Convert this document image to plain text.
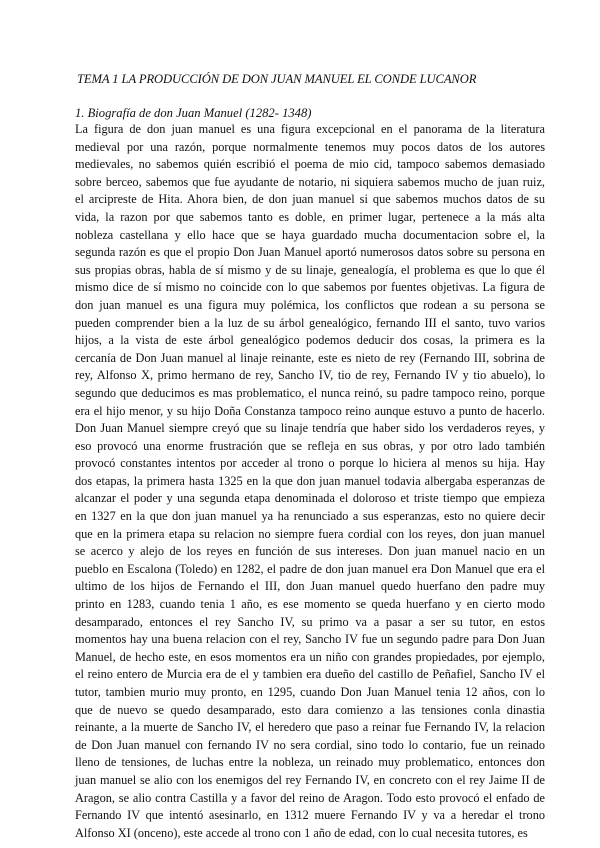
TEMA 1 LA PRODUCCIÓN DE DON JUAN MANUEL EL CONDE LUCANOR
1. Biografía de don Juan Manuel (1282- 1348)
La figura de don juan manuel es una figura excepcional en el panorama de la literatura
medieval por una razón, porque normalmente tenemos muy pocos datos de los autores
medievales, no sabemos quién escribió el poema de mio cid, tampoco sabemos demasiado
sobre berceo, sabemos que fue ayudante de notario, ni siquiera sabemos mucho de juan ruiz,
el arcipreste de Hita. Ahora bien, de don juan manuel si que sabemos muchos datos de su
vida, la razon por que sabemos tanto es doble, en primer lugar, pertenece a la más alta
nobleza castellana y ello hace que se haya guardado mucha documentacion sobre el, la
segunda razón es que el propio Don Juan Manuel aportó numerosos datos sobre su persona en
sus propias obras, habla de sí mismo y de su linaje, genealogía, el problema es que lo que él
mismo dice de sí mismo no coincide con lo que sabemos por fuentes objetivas. La figura de
don juan manuel es una figura muy polémica, los conflictos que rodean a su persona se
pueden comprender bien a la luz de su árbol genealógico, fernando III el santo, tuvo varios
hijos, a la vista de este árbol genealógico podemos deducir dos cosas, la primera es la
cercanía de Don Juan manuel al linaje reinante, este es nieto de rey (Fernando III, sobrina de
rey, Alfonso X, primo hermano de rey, Sancho IV, tio de rey, Fernando IV y tio abuelo), lo
segundo que deducimos es mas problematico, el nunca reinó, su padre tampoco reino, porque
era el hijo menor, y su hijo Doña Constanza tampoco reino aunque estuvo a punto de hacerlo.
Don Juan Manuel siempre creyó que su linaje tendría que haber sido los verdaderos reyes, y
eso provocó una enorme frustración que se refleja en sus obras, y por otro lado también
provocó constantes intentos por acceder al trono o porque lo hiciera al menos su hija. Hay
dos etapas, la primera hasta 1325 en la que don juan manuel todavia albergaba esperanzas de
alcanzar el poder y una segunda etapa denominada el doloroso et triste tiempo que empieza
en 1327 en la que don juan manuel ya ha renunciado a sus esperanzas, esto no quiere decir
que en la primera etapa su relacion no siempre fuera cordial con los reyes, don juan manuel
se acerco y alejo de los reyes en función de sus intereses. Don juan manuel nacio en un
pueblo en Escalona (Toledo) en 1282, el padre de don juan manuel era Don Manuel que era el
ultimo de los hijos de Fernando el III, don Juan manuel quedo huerfano den padre muy
printo en 1283, cuando tenia 1 año, es ese momento se queda huerfano y en cierto modo
desamparado, entonces el rey Sancho IV, su primo va a pasar a ser su tutor, en estos
momentos hay una buena relacion con el rey, Sancho IV fue un segundo padre para Don Juan
Manuel, de hecho este, en esos momentos era un niño con grandes propiedades, por ejemplo,
el reino entero de Murcia era de el y tambien era dueño del castillo de Peñafiel, Sancho IV el
tutor, tambien murio muy pronto, en 1295, cuando Don Juan Manuel tenia 12 años, con lo
que de nuevo se quedo desamparado, esto dara comienzo a las tensiones conla dinastia
reinante, a la muerte de Sancho IV, el heredero que paso a reinar fue Fernando IV, la relacion
de Don Juan manuel con fernando IV no sera cordial, sino todo lo contario, fue un reinado
lleno de tensiones, de luchas entre la nobleza, un reinado muy problematico, entonces don
juan manuel se alio con los enemigos del rey Fernando IV, en concreto con el rey Jaime II de
Aragon, se alio contra Castilla y a favor del reino de Aragon. Todo esto provocó el enfado de
Fernando IV que intentó asesinarlo, en 1312 muere Fernando IV y va a heredar el trono
Alfonso XI (onceno), este accede al trono con 1 año de edad, con lo cual necesita tutores, es
